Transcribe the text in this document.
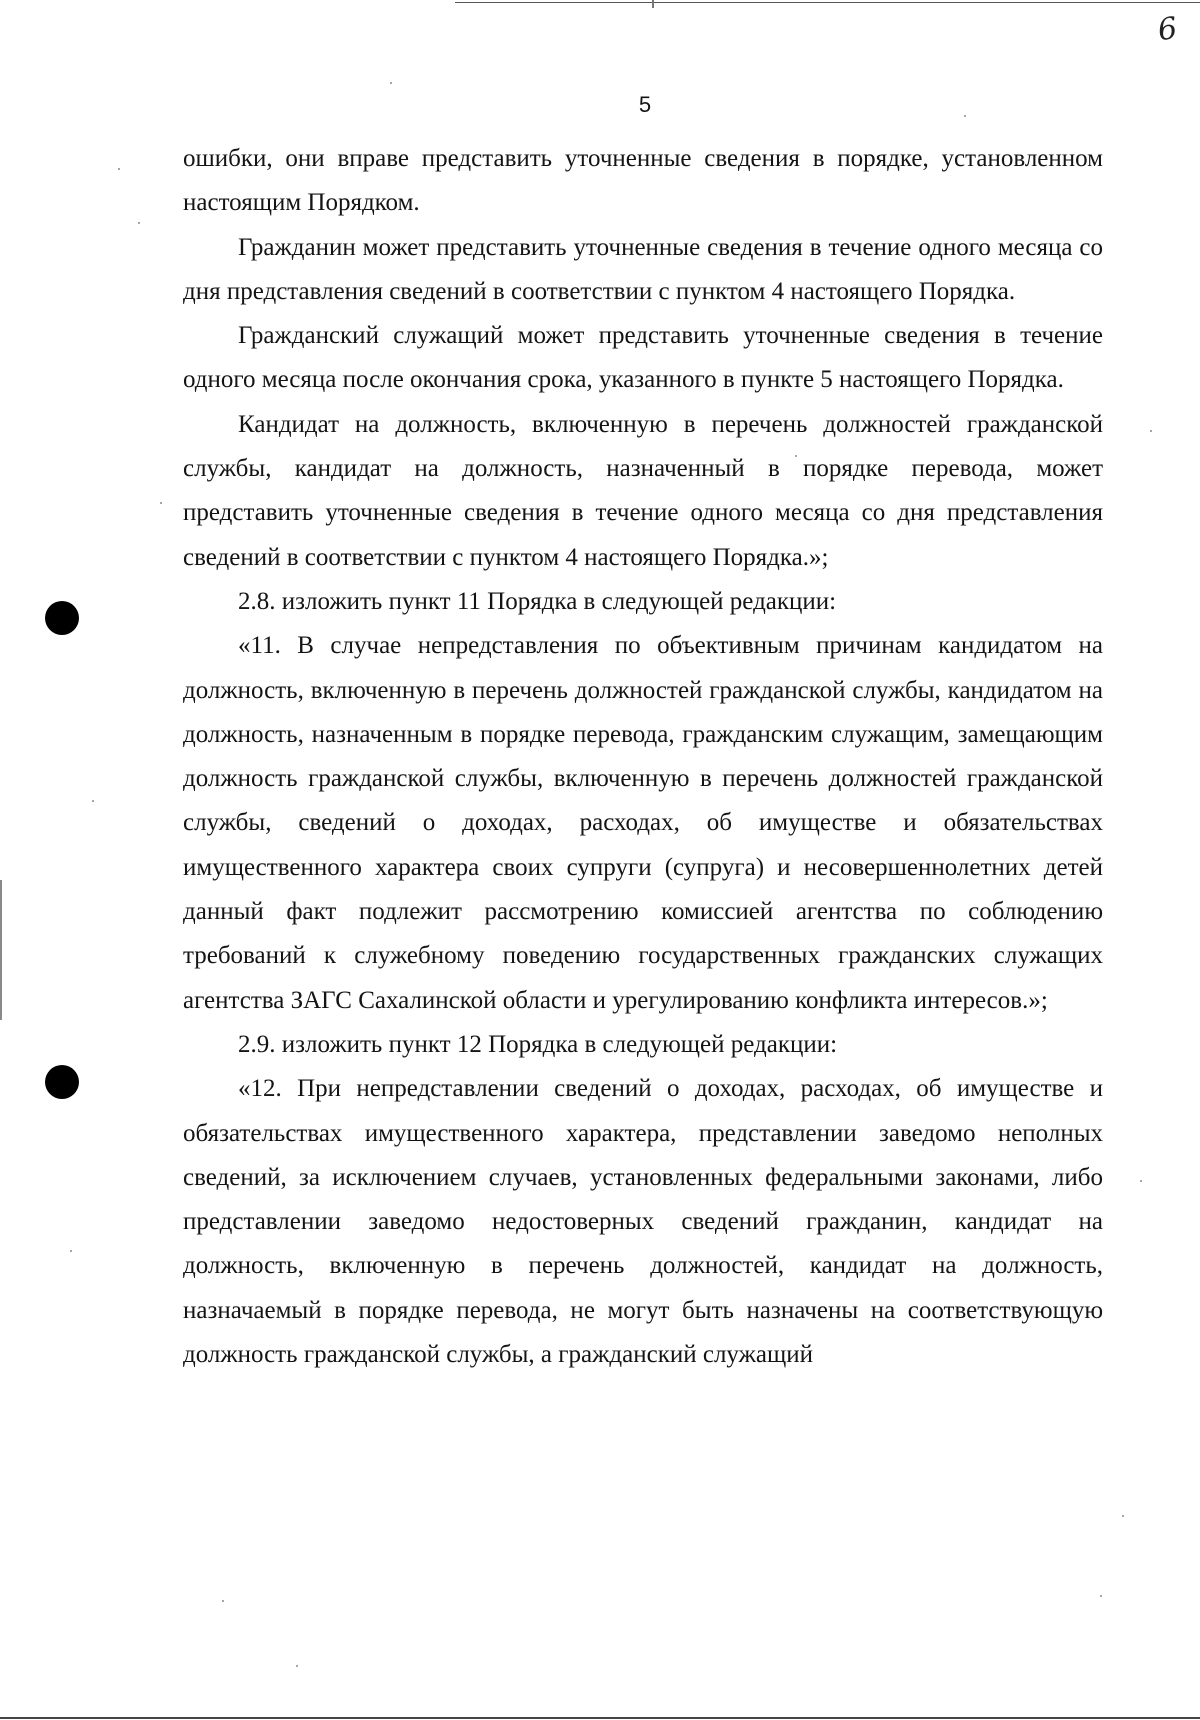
6
5

ошибки, они вправе представить уточненные сведения в порядке, установленном настоящим Порядком.

Гражданин может представить уточненные сведения в течение одного месяца со дня представления сведений в соответствии с пунктом 4 настоящего Порядка.

Гражданский служащий может представить уточненные сведения в течение одного месяца после окончания срока, указанного в пункте 5 настоящего Порядка.

Кандидат на должность, включенную в перечень должностей гражданской службы, кандидат на должность, назначенный в порядке перевода, может представить уточненные сведения в течение одного месяца со дня представления сведений в соответствии с пунктом 4 настоящего Порядка.»;

2.8. изложить пункт 11 Порядка в следующей редакции:

«11. В случае непредставления по объективным причинам кандидатом на должность, включенную в перечень должностей гражданской службы, кандидатом на должность, назначенным в порядке перевода, гражданским служащим, замещающим должность гражданской службы, включенную в перечень должностей гражданской службы, сведений о доходах, расходах, об имуществе и обязательствах имущественного характера своих супруги (супруга) и несовершеннолетних детей данный факт подлежит рассмотрению комиссией агентства по соблюдению требований к служебному поведению государственных гражданских служащих агентства ЗАГС Сахалинской области и урегулированию конфликта интересов.»;

2.9. изложить пункт 12 Порядка в следующей редакции:

«12. При непредставлении сведений о доходах, расходах, об имуществе и обязательствах имущественного характера, представлении заведомо неполных сведений, за исключением случаев, установленных федеральными законами, либо представлении заведомо недостоверных сведений гражданин, кандидат на должность, включенную в перечень должностей, кандидат на должность, назначаемый в порядке перевода, не могут быть назначены на соответствующую должность гражданской службы, а гражданский служащий
